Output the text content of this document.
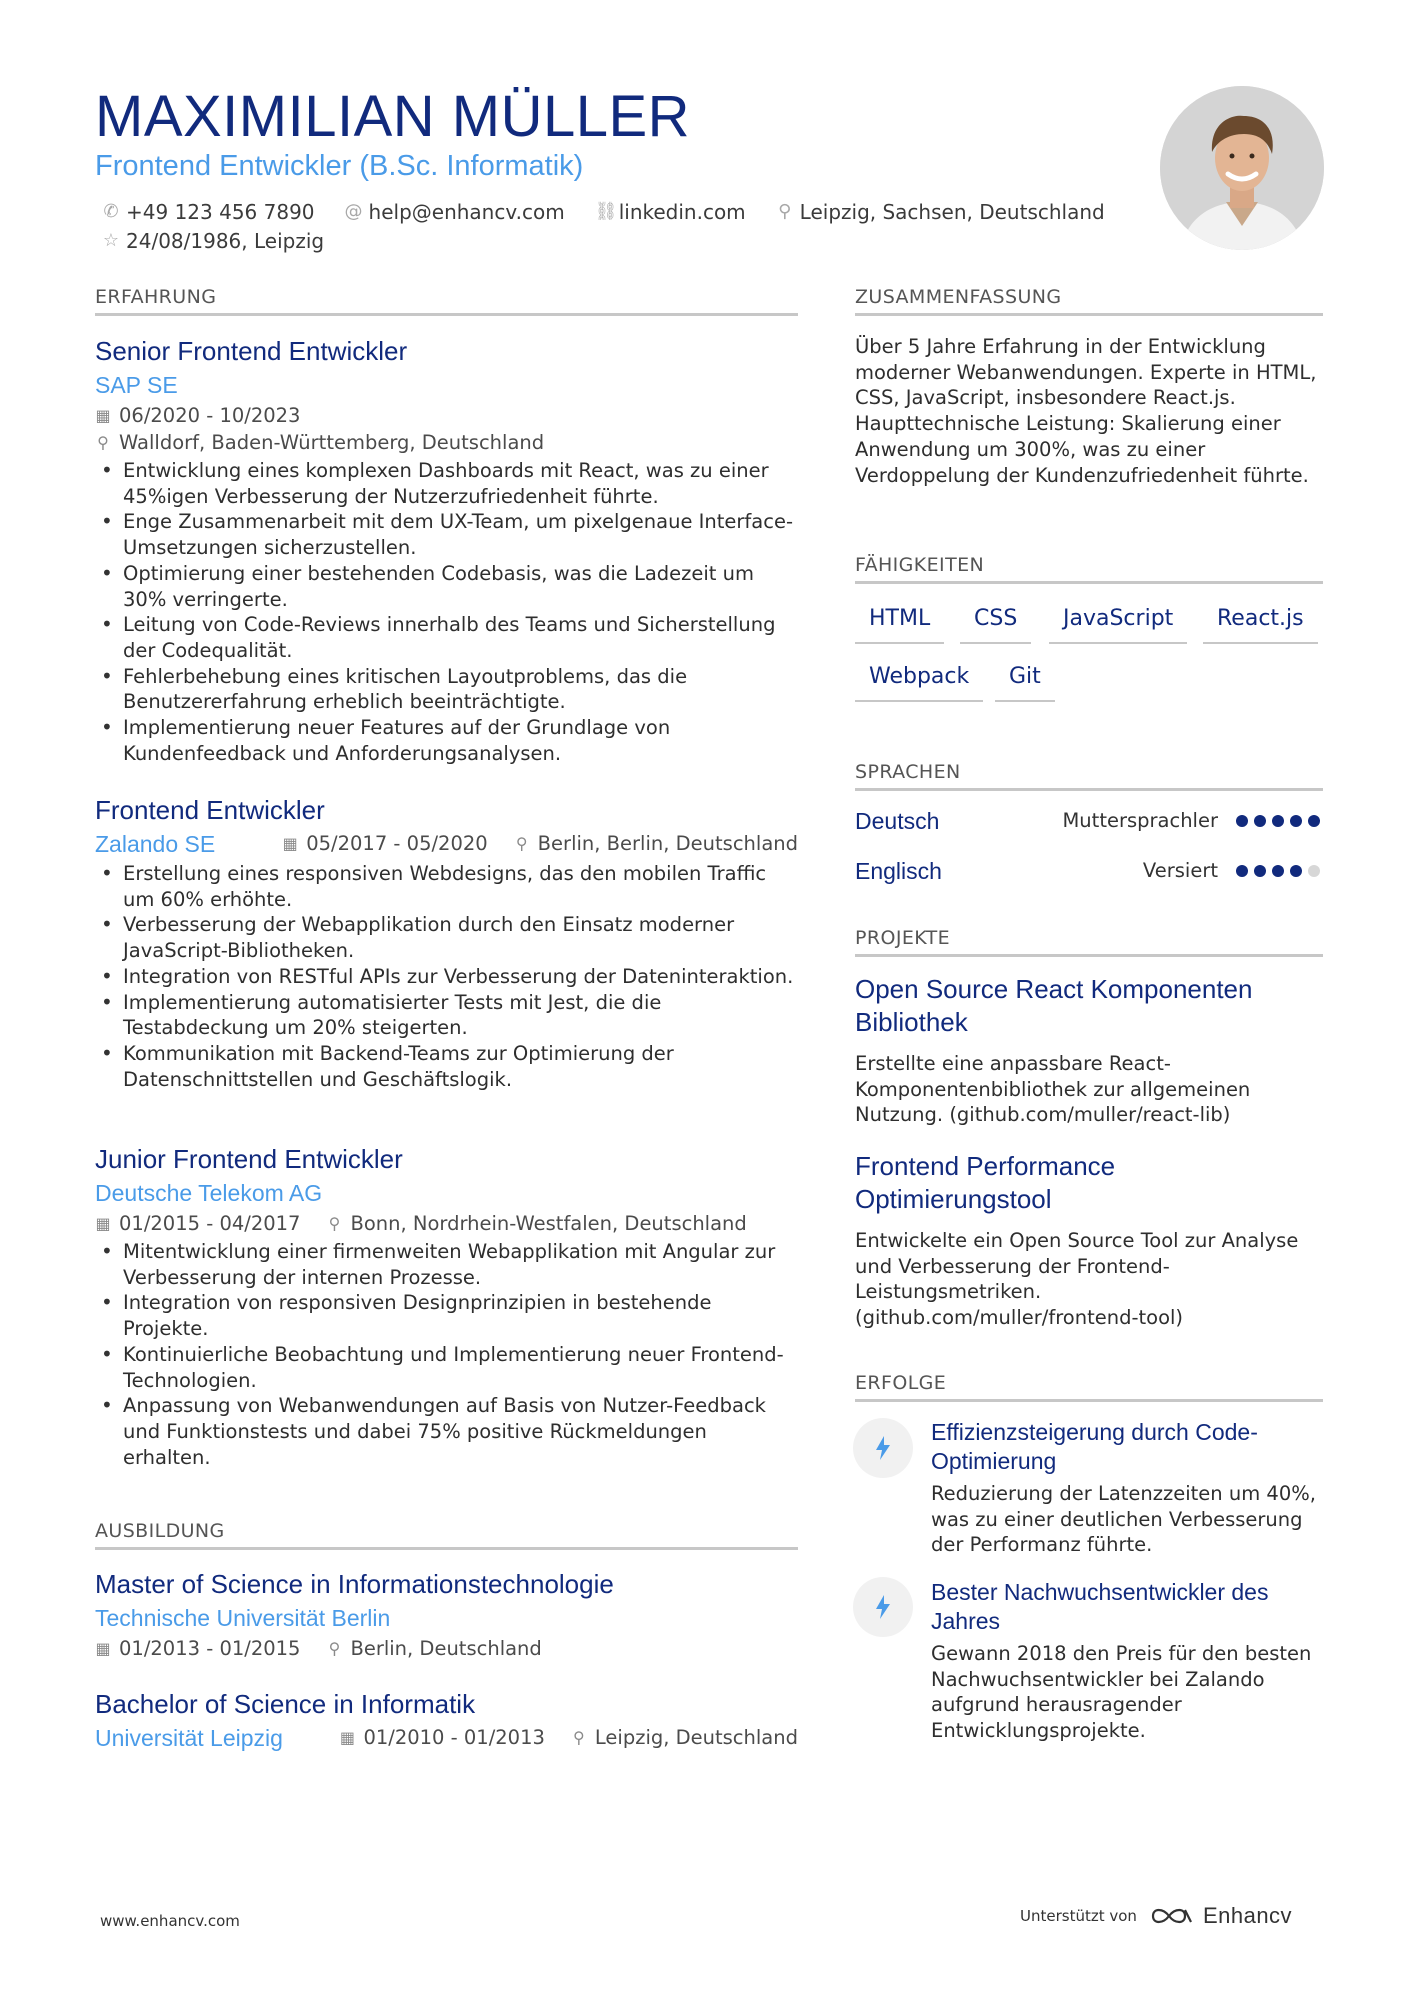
MAXIMILIAN MÜLLER
Frontend Entwickler (B.Sc. Informatik)
✆ +49 123 456 7890 @ help@enhancv.com ⛓ linkedin.com ⚲ Leipzig, Sachsen, Deutschland
☆ 24/08/1986, Leipzig
ERFAHRUNG
Senior Frontend Entwickler
SAP SE
▦ 06/2020 - 10/2023
⚲ Walldorf, Baden-Württemberg, Deutschland
• Entwicklung eines komplexen Dashboards mit React, was zu einer 45%igen Verbesserung der Nutzerzufriedenheit führte.
• Enge Zusammenarbeit mit dem UX-Team, um pixelgenaue Interface-Umsetzungen sicherzustellen.
• Optimierung einer bestehenden Codebasis, was die Ladezeit um 30% verringerte.
• Leitung von Code-Reviews innerhalb des Teams und Sicherstellung der Codequalität.
• Fehlerbehebung eines kritischen Layoutproblems, das die Benutzererfahrung erheblich beeinträchtigte.
• Implementierung neuer Features auf der Grundlage von Kundenfeedback und Anforderungsanalysen.
Frontend Entwickler
Zalando SE	▦ 05/2017 - 05/2020 ⚲ Berlin, Berlin, Deutschland
• Erstellung eines responsiven Webdesigns, das den mobilen Traffic um 60% erhöhte.
• Verbesserung der Webapplikation durch den Einsatz moderner JavaScript-Bibliotheken.
• Integration von RESTful APIs zur Verbesserung der Dateninteraktion.
• Implementierung automatisierter Tests mit Jest, die die Testabdeckung um 20% steigerten.
• Kommunikation mit Backend-Teams zur Optimierung der Datenschnittstellen und Geschäftslogik.
Junior Frontend Entwickler
Deutsche Telekom AG
▦ 01/2015 - 04/2017 ⚲ Bonn, Nordrhein-Westfalen, Deutschland
• Mitentwicklung einer firmenweiten Webapplikation mit Angular zur Verbesserung der internen Prozesse.
• Integration von responsiven Designprinzipien in bestehende Projekte.
• Kontinuierliche Beobachtung und Implementierung neuer Frontend-Technologien.
• Anpassung von Webanwendungen auf Basis von Nutzer-Feedback und Funktionstests und dabei 75% positive Rückmeldungen erhalten.
AUSBILDUNG
Master of Science in Informationstechnologie
Technische Universität Berlin
▦ 01/2013 - 01/2015 ⚲ Berlin, Deutschland
Bachelor of Science in Informatik
Universität Leipzig	▦ 01/2010 - 01/2013 ⚲ Leipzig, Deutschland
ZUSAMMENFASSUNG
Über 5 Jahre Erfahrung in der Entwicklung moderner Webanwendungen. Experte in HTML, CSS, JavaScript, insbesondere React.js. Haupttechnische Leistung: Skalierung einer Anwendung um 300%, was zu einer Verdoppelung der Kundenzufriedenheit führte.
FÄHIGKEITEN
HTML	CSS	JavaScript	React.js
Webpack	Git
SPRACHEN
Deutsch	Muttersprachler
Englisch	Versiert
PROJEKTE
Open Source React Komponenten Bibliothek
Erstellte eine anpassbare React-Komponentenbibliothek zur allgemeinen Nutzung. (github.com/muller/react-lib)
Frontend Performance Optimierungstool
Entwickelte ein Open Source Tool zur Analyse und Verbesserung der Frontend-Leistungsmetriken. (github.com/muller/frontend-tool)
ERFOLGE
Effizienzsteigerung durch Code-Optimierung
Reduzierung der Latenzzeiten um 40%, was zu einer deutlichen Verbesserung der Performanz führte.
Bester Nachwuchsentwickler des Jahres
Gewann 2018 den Preis für den besten Nachwuchsentwickler bei Zalando aufgrund herausragender Entwicklungsprojekte.
www.enhancv.com	Unterstützt von	Enhancv
